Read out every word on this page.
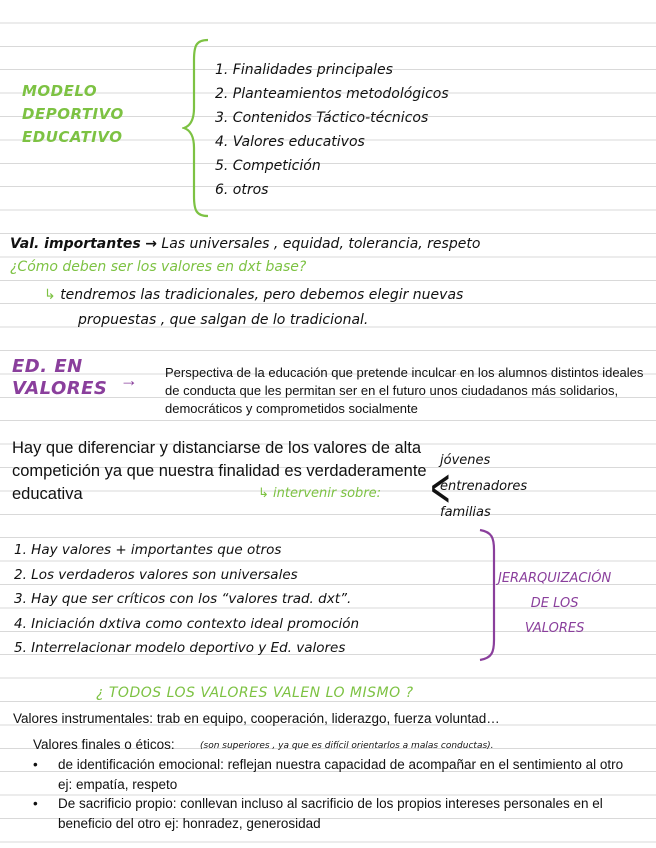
MODELO
DEPORTIVO
EDUCATIVO
1. Finalidades principales
2. Planteamientos metodológicos
3. Contenidos Táctico-técnicos
4. Valores educativos
5. Competición
6. otros
Val. importantes → Las universales , equidad, tolerancia, respeto
¿Cómo deben ser los valores en dxt base?
↳ tendremos las tradicionales, pero debemos elegir nuevas
propuestas , que salgan de lo tradicional.
ED. EN
VALORES → Perspectiva de la educación que pretende inculcar en los alumnos distintos ideales de conducta que les permitan ser en el futuro unos ciudadanos más solidarios, democráticos y comprometidos socialmente
Hay que diferenciar y distanciarse de los valores de alta competición ya que nuestra finalidad es verdaderamente educativa	↳ intervenir sobre: <
jóvenes
entrenadores
familias
1. Hay valores + importantes que otros
2. Los verdaderos valores son universales
3. Hay que ser críticos con los “valores trad. dxt”.
4. Iniciación dxtiva como contexto ideal promoción
5. Interrelacionar modelo deportivo y Ed. valores
JERARQUIZACIÓN
DE LOS
VALORES
¿ TODOS LOS VALORES VALEN LO MISMO ?
Valores instrumentales: trab en equipo, cooperación, liderazgo, fuerza voluntad…
Valores finales o éticos:	(son superiores , ya que es difícil orientarlos a malas conductas).
• de identificación emocional: reflejan nuestra capacidad de acompañar en el sentimiento al otro ej: empatía, respeto
• De sacrificio propio: conllevan incluso al sacrificio de los propios intereses personales en el beneficio del otro ej: honradez, generosidad
